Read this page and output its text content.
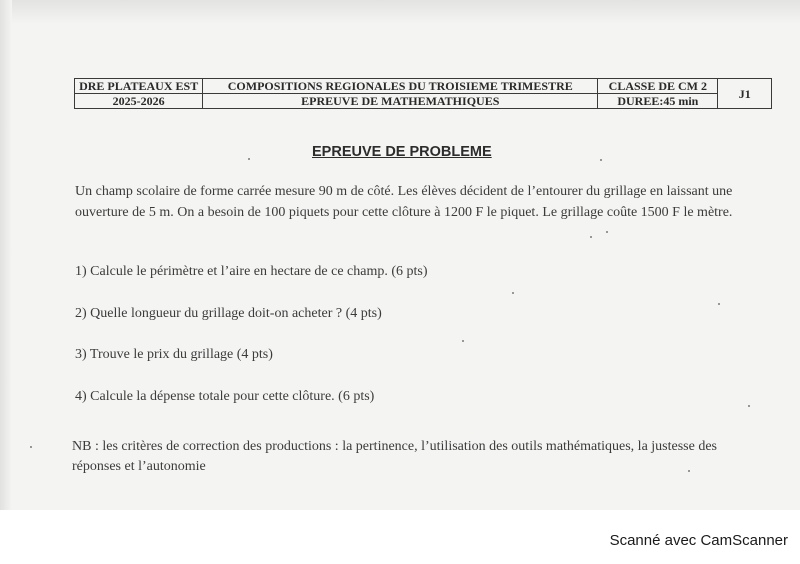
DRE PLATEAUX EST	COMPOSITIONS REGIONALES DU TROISIEME TRIMESTRE	CLASSE DE CM 2	J1
2025-2026	EPREUVE DE MATHEMATHIQUES	DUREE:45 min	
EPREUVE DE PROBLEME

Un champ scolaire de forme carrée mesure 90 m de côté. Les élèves décident de l’entourer du grillage en laissant une ouverture de 5 m. On a besoin de 100 piquets pour cette clôture à 1200 F le piquet. Le grillage coûte 1500 F le mètre.

1) Calcule le périmètre et l’aire en hectare de ce champ. (6 pts)
2) Quelle longueur du grillage doit-on acheter ? (4 pts)
3) Trouve le prix du grillage (4 pts)
4) Calcule la dépense totale pour cette clôture. (6 pts)

NB : les critères de correction des productions : la pertinence, l’utilisation des outils mathématiques, la justesse des réponses et l’autonomie

Scanné avec CamScanner
